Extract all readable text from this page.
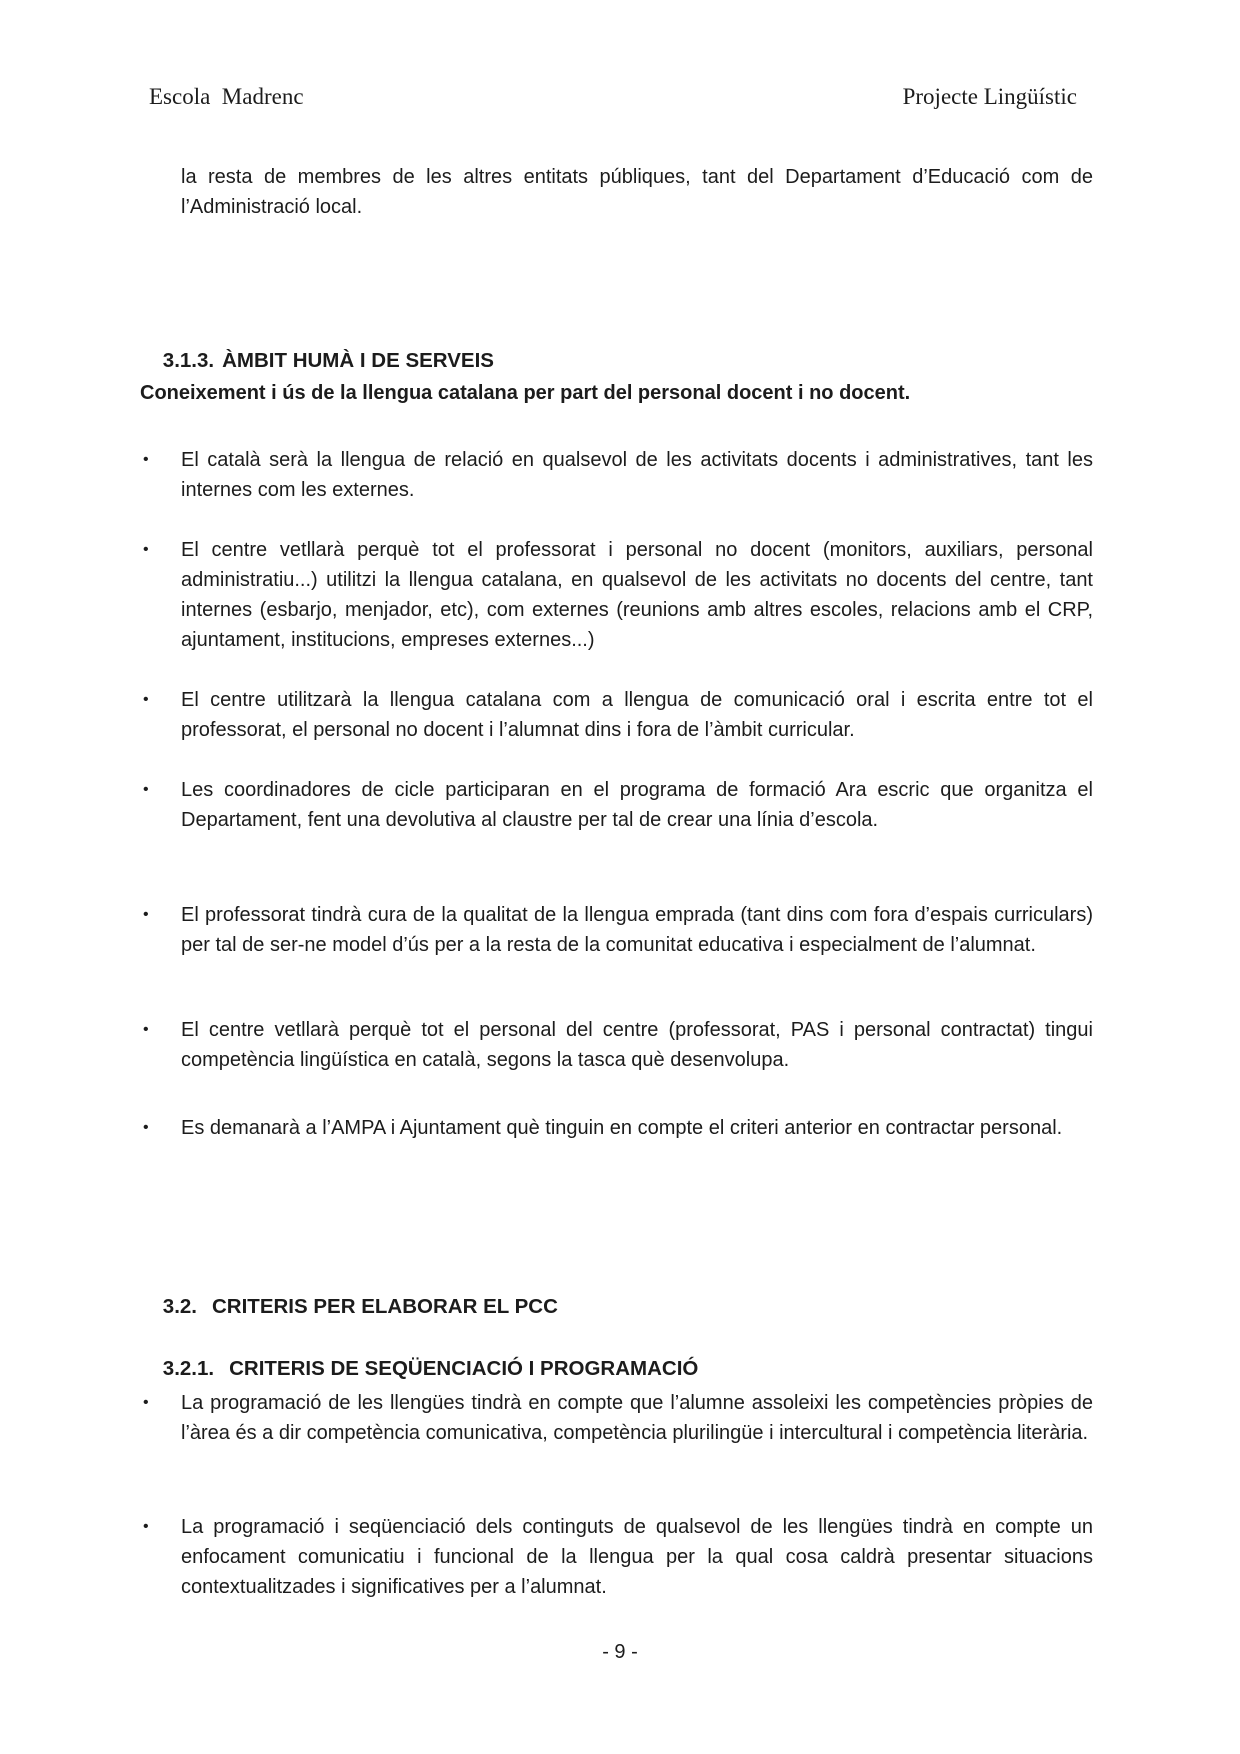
Escola  Madrenc	Projecte Lingüístic
la resta de membres de les altres entitats públiques, tant del Departament d’Educació com de l’Administració local.

3.1.3. ÀMBIT HUMÀ I DE SERVEIS

Coneixement i ús de la llengua catalana per part del personal docent i no docent.
•	El català serà la llengua de relació en qualsevol de les activitats docents i administratives, tant les internes com les externes.
•	El centre vetllarà perquè tot el professorat i personal no docent (monitors, auxiliars, personal administratiu...) utilitzi la llengua catalana, en qualsevol de les activitats no docents del centre, tant internes (esbarjo, menjador, etc), com externes (reunions amb altres escoles, relacions amb el CRP, ajuntament, institucions, empreses externes...)
•	El centre utilitzarà la llengua catalana com a llengua de comunicació oral i escrita entre tot el professorat, el personal no docent i l’alumnat dins i fora de l’àmbit curricular.
•	Les coordinadores de cicle participaran en el programa de formació Ara escric que organitza el Departament, fent una devolutiva al claustre per tal de crear una línia d’escola.
•	El professorat tindrà cura de la qualitat de la llengua emprada (tant dins com fora d’espais curriculars) per tal de ser-ne model d’ús per a la resta de la comunitat educativa i especialment de l’alumnat.
•	El centre vetllarà perquè tot el personal del centre (professorat, PAS i personal contractat) tingui competència lingüística en català, segons la tasca què desenvolupa.
•	Es demanarà a l’AMPA i Ajuntament què tinguin en compte el criteri anterior en contractar personal.

3.2. CRITERIS PER ELABORAR EL PCC

3.2.1. CRITERIS DE SEQÜENCIACIÓ I PROGRAMACIÓ

•	La programació de les llengües tindrà en compte que l’alumne assoleixi les competències pròpies de l’àrea és a dir competència comunicativa, competència plurilingüe i intercultural i competència literària.
•	La programació i seqüenciació dels continguts de qualsevol de les llengües tindrà en compte un enfocament comunicatiu i funcional de la llengua per la qual cosa caldrà presentar situacions contextualitzades i significatives per a l’alumnat.
- 9 -
